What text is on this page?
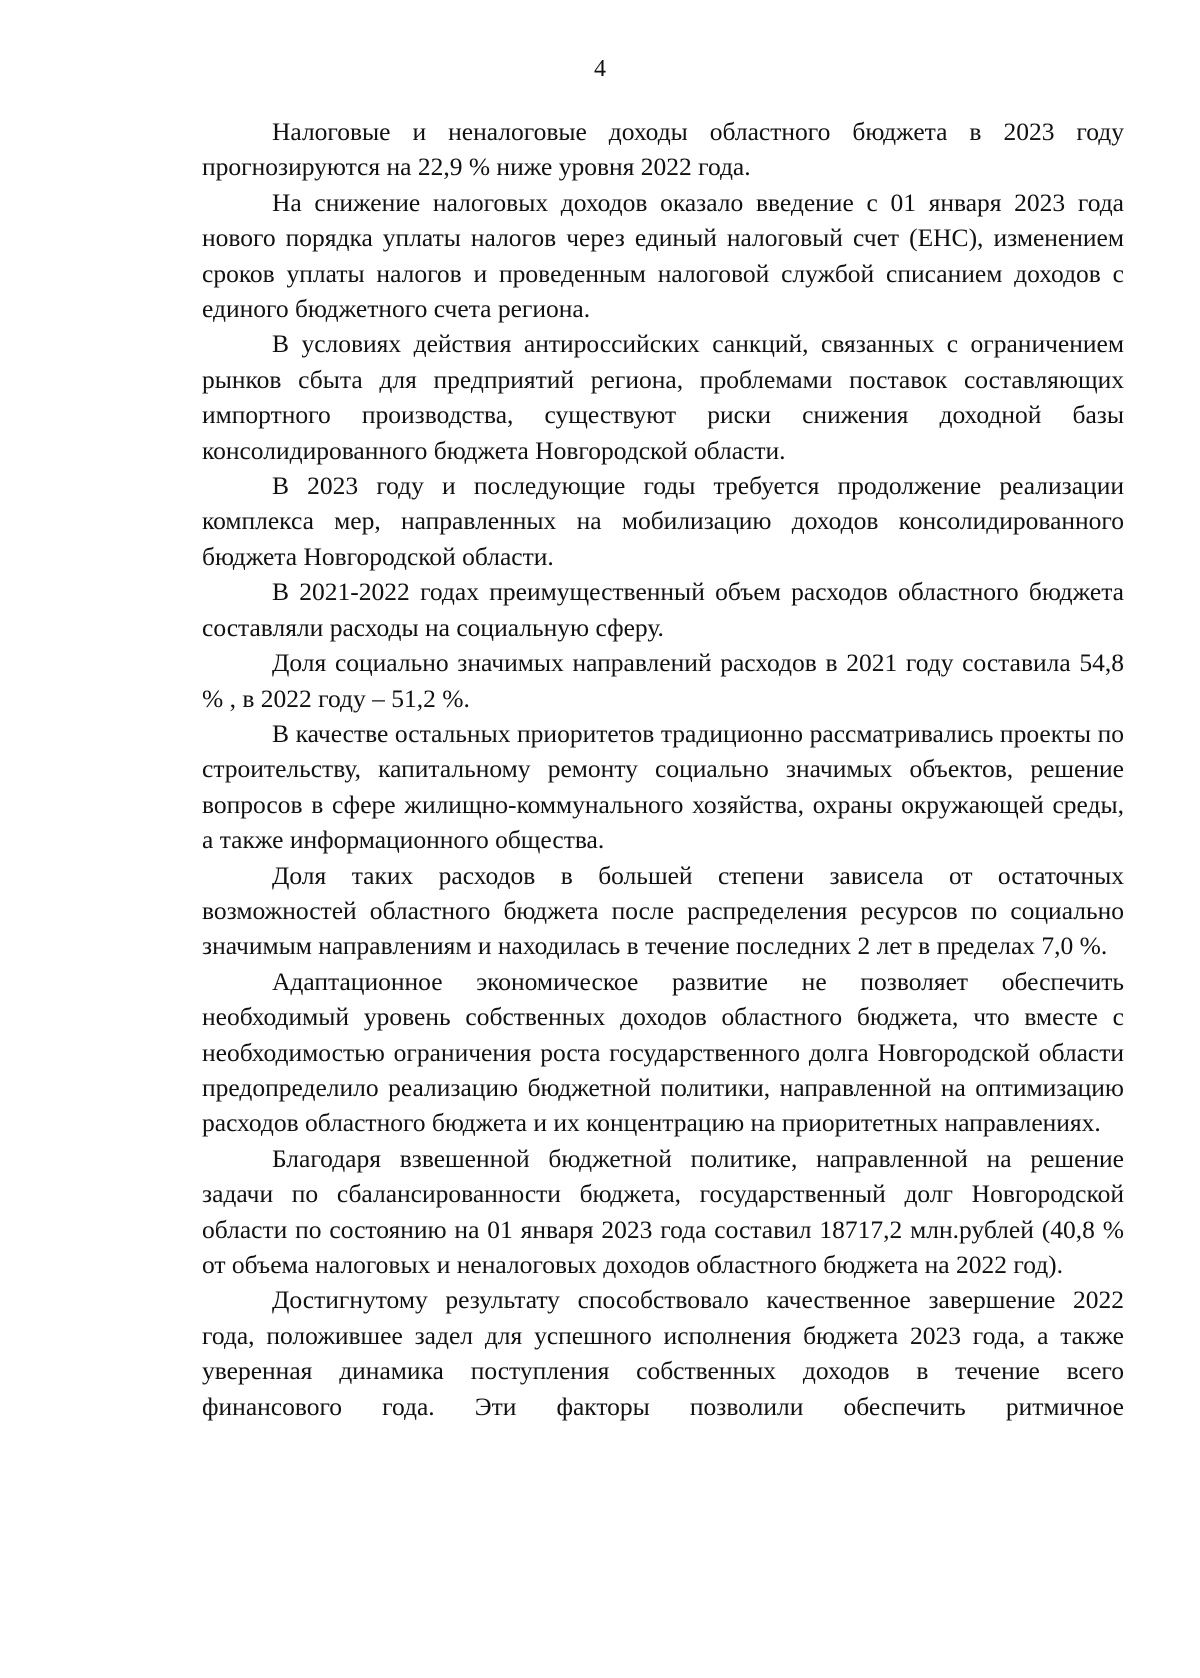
4

Налоговые и неналоговые доходы областного бюджета в 2023 году прогнозируются на 22,9 % ниже уровня 2022 года.

На снижение налоговых доходов оказало введение с 01 января 2023 года нового порядка уплаты налогов через единый налоговый счет (ЕНС), изменением сроков уплаты налогов и проведенным налоговой службой списанием доходов с единого бюджетного счета региона.

В условиях действия антироссийских санкций, связанных с ограничением рынков сбыта для предприятий региона, проблемами поставок составляющих импортного производства, существуют риски снижения доходной базы консолидированного бюджета Новгородской области.

В 2023 году и последующие годы требуется продолжение реализации комплекса мер, направленных на мобилизацию доходов консолидированного бюджета Новгородской области.

В 2021-2022 годах преимущественный объем расходов областного бюджета составляли расходы на социальную сферу.

Доля социально значимых направлений расходов в 2021 году составила 54,8 % , в 2022 году – 51,2 %.

В качестве остальных приоритетов традиционно рассматривались проекты по строительству, капитальному ремонту социально значимых объектов, решение вопросов в сфере жилищно-коммунального хозяйства, охраны окружающей среды, а также информационного общества.

Доля таких расходов в большей степени зависела от остаточных возможностей областного бюджета после распределения ресурсов по социально значимым направлениям и находилась в течение последних 2 лет в пределах 7,0 %.

Адаптационное экономическое развитие не позволяет обеспечить необходимый уровень собственных доходов областного бюджета, что вместе с необходимостью ограничения роста государственного долга Новгородской области предопределило реализацию бюджетной политики, направленной на оптимизацию расходов областного бюджета и их концентрацию на приоритетных направлениях.

Благодаря взвешенной бюджетной политике, направленной на решение задачи по сбалансированности бюджета, государственный долг Новгородской области по состоянию на 01 января 2023 года составил 18717,2 млн.рублей (40,8 % от объема налоговых и неналоговых доходов областного бюджета на 2022 год).

Достигнутому результату способствовало качественное завершение 2022 года, положившее задел для успешного исполнения бюджета 2023 года, а также уверенная динамика поступления собственных доходов в течение всего финансового года. Эти факторы позволили обеспечить ритмичное
